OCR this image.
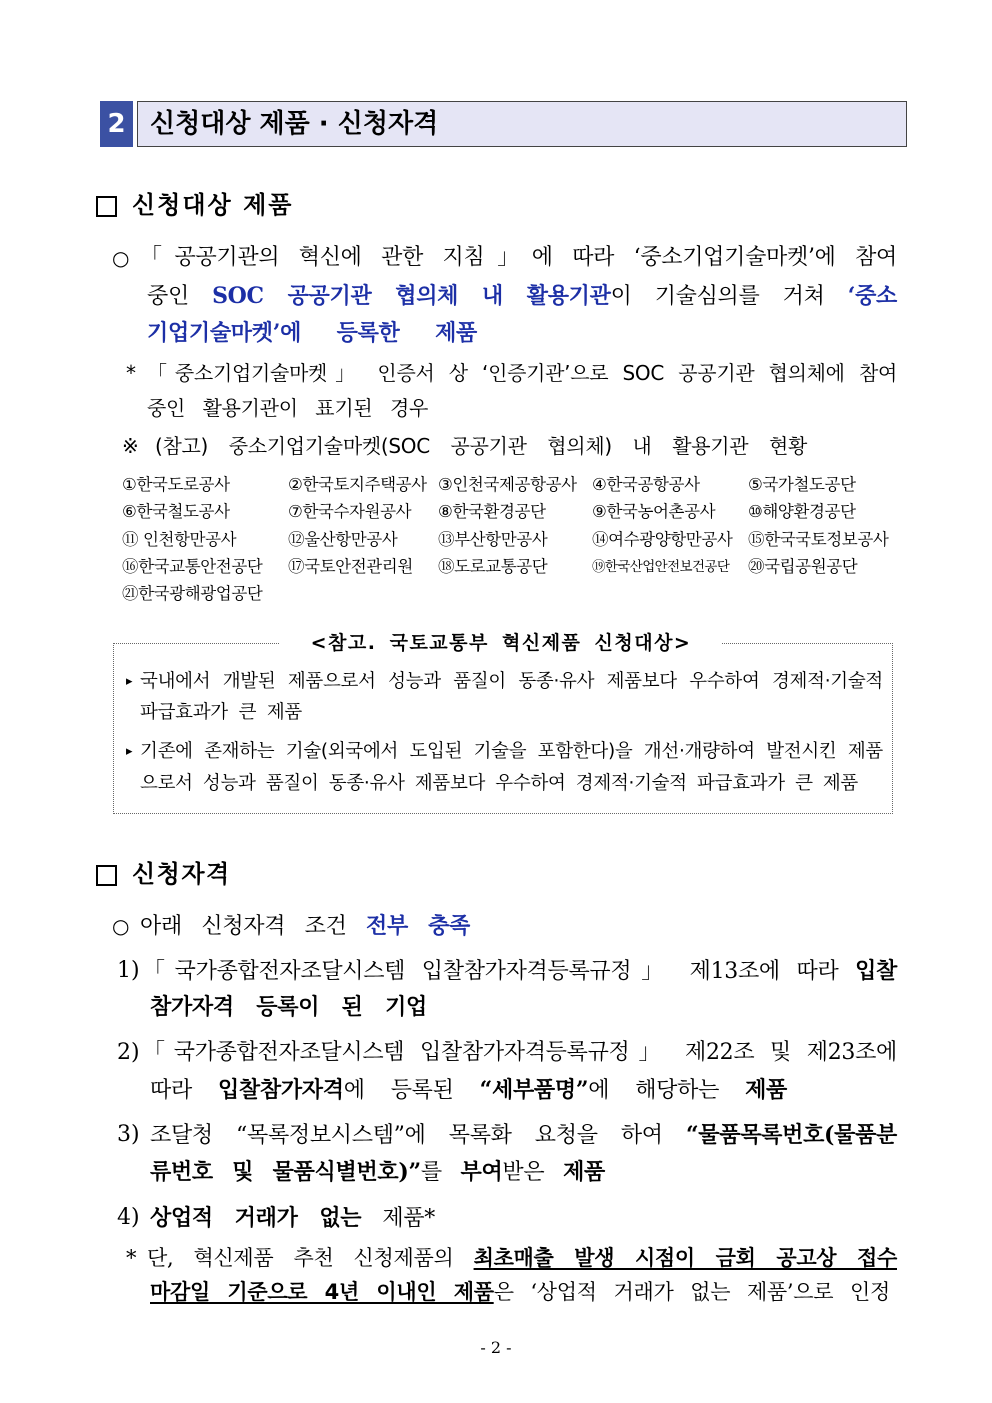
2 신청대상 제품 · 신청자격
신청대상 제품
○ 「공공기관의 혁신에 관한 지침」에 따라 ‘중소기업기술마켓’에 참여
중인 SOC 공공기관 협의체 내 활용기관이 기술심의를 거쳐 ‘중소
기업기술마켓’에 등록한 제품
* 「중소기업기술마켓」 인증서 상 ‘인증기관’으로 SOC 공공기관 협의체에 참여
중인 활용기관이 표기된 경우
※ (참고) 중소기업기술마켓(SOC 공공기관 협의체) 내 활용기관 현황
①한국도로공사	②한국토지주택공사 ③인천국제공항공사 ④한국공항공사	⑤국가철도공단
⑥한국철도공사	⑦한국수자원공사 ⑧한국환경공단	⑨한국농어촌공사 ⑩해양환경공단
⑪ 인천항만공사	⑫울산항만공사 ⑬부산항만공사	⑭여수광양항만공사 ⑮한국국토정보공사
⑯한국교통안전공단 ⑰국토안전관리원 ⑱도로교통공단	⑲한국산업안전보건공단 ⑳국립공원공단
㉑한국광해광업공단
<참고. 국토교통부 혁신제품 신청대상>
▸ 국내에서 개발된 제품으로서 성능과 품질이 동종·유사 제품보다 우수하여 경제적·기술적
파급효과가 큰 제품
▸ 기존에 존재하는 기술(외국에서 도입된 기술을 포함한다)을 개선·개량하여 발전시킨 제품
으로서 성능과 품질이 동종·유사 제품보다 우수하여 경제적·기술적 파급효과가 큰 제품
신청자격
○ 아래 신청자격 조건 전부 충족
1) 「국가종합전자조달시스템 입찰참가자격등록규정」 제13조에 따라 입찰
참가자격 등록이 된 기업
2) 「국가종합전자조달시스템 입찰참가자격등록규정」 제22조 및 제23조에
따라 입찰참가자격에 등록된 “세부품명”에 해당하는 제품
3) 조달청 “목록정보시스템”에 목록화 요청을 하여 “물품목록번호(물품분
류번호 및 물품식별번호)”를 부여받은 제품
4) 상업적 거래가 없는 제품*
* 단, 혁신제품 추천 신청제품의 최초매출 발생 시점이 금회 공고상 접수
마감일 기준으로 4년 이내인 제품은 ‘상업적 거래가 없는 제품’으로 인정
- 2 -
